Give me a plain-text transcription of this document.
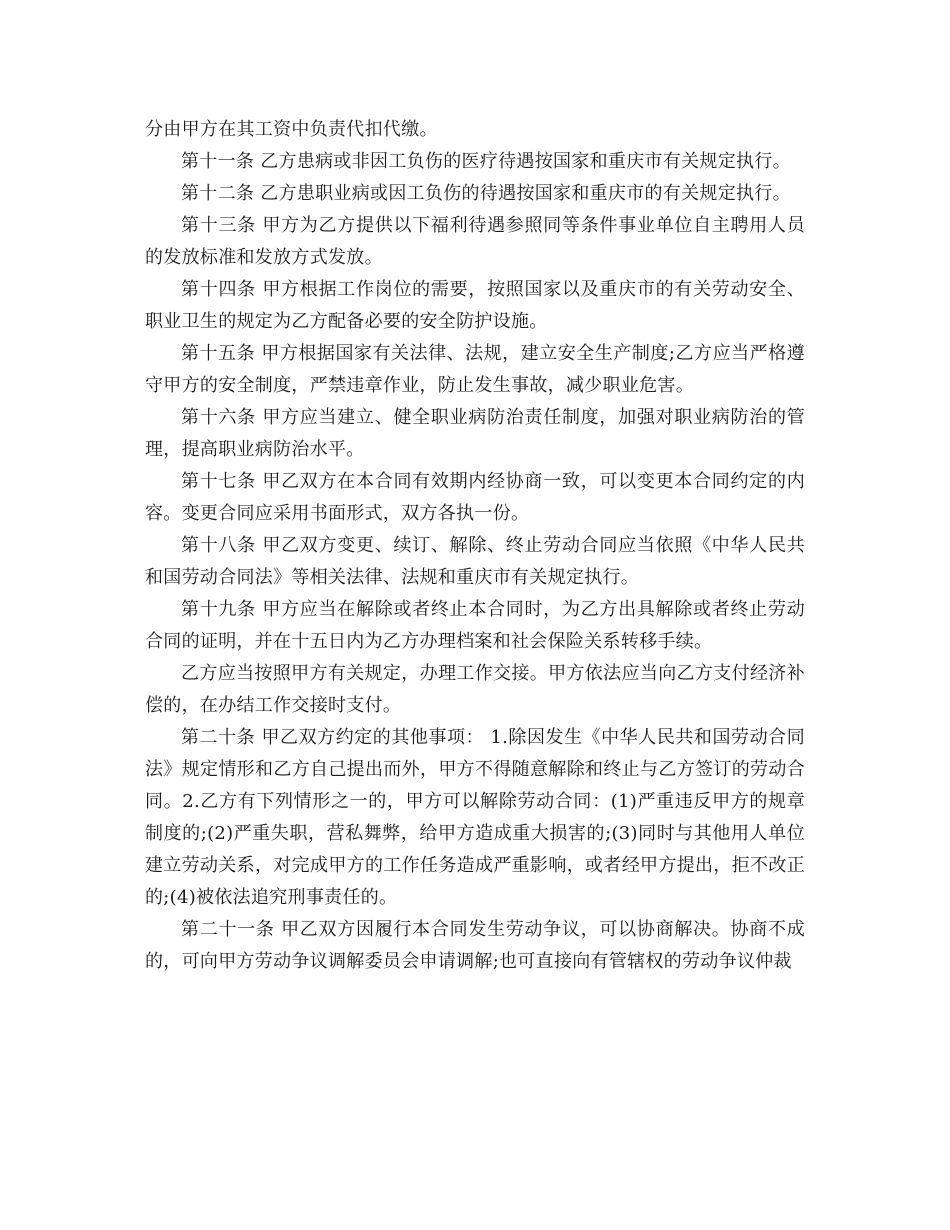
分由甲方在其工资中负责代扣代缴。

第十一条 乙方患病或非因工负伤的医疗待遇按国家和重庆市有关规定执行。

第十二条 乙方患职业病或因工负伤的待遇按国家和重庆市的有关规定执行。

第十三条 甲方为乙方提供以下福利待遇参照同等条件事业单位自主聘用人员的发放标准和发放方式发放。

第十四条 甲方根据工作岗位的需要，按照国家以及重庆市的有关劳动安全、职业卫生的规定为乙方配备必要的安全防护设施。

第十五条 甲方根据国家有关法律、法规，建立安全生产制度;乙方应当严格遵守甲方的安全制度，严禁违章作业，防止发生事故，减少职业危害。

第十六条 甲方应当建立、健全职业病防治责任制度，加强对职业病防治的管理，提高职业病防治水平。

第十七条 甲乙双方在本合同有效期内经协商一致，可以变更本合同约定的内容。变更合同应采用书面形式，双方各执一份。

第十八条 甲乙双方变更、续订、解除、终止劳动合同应当依照《中华人民共和国劳动合同法》等相关法律、法规和重庆市有关规定执行。

第十九条 甲方应当在解除或者终止本合同时，为乙方出具解除或者终止劳动合同的证明，并在十五日内为乙方办理档案和社会保险关系转移手续。

乙方应当按照甲方有关规定，办理工作交接。甲方依法应当向乙方支付经济补偿的，在办结工作交接时支付。

第二十条 甲乙双方约定的其他事项： 1.除因发生《中华人民共和国劳动合同法》规定情形和乙方自己提出而外，甲方不得随意解除和终止与乙方签订的劳动合同。2.乙方有下列情形之一的，甲方可以解除劳动合同：(1)严重违反甲方的规章制度的;(2)严重失职，营私舞弊，给甲方造成重大损害的;(3)同时与其他用人单位建立劳动关系，对完成甲方的工作任务造成严重影响，或者经甲方提出，拒不改正的;(4)被依法追究刑事责任的。

第二十一条 甲乙双方因履行本合同发生劳动争议，可以协商解决。协商不成的，可向甲方劳动争议调解委员会申请调解;也可直接向有管辖权的劳动争议仲裁
